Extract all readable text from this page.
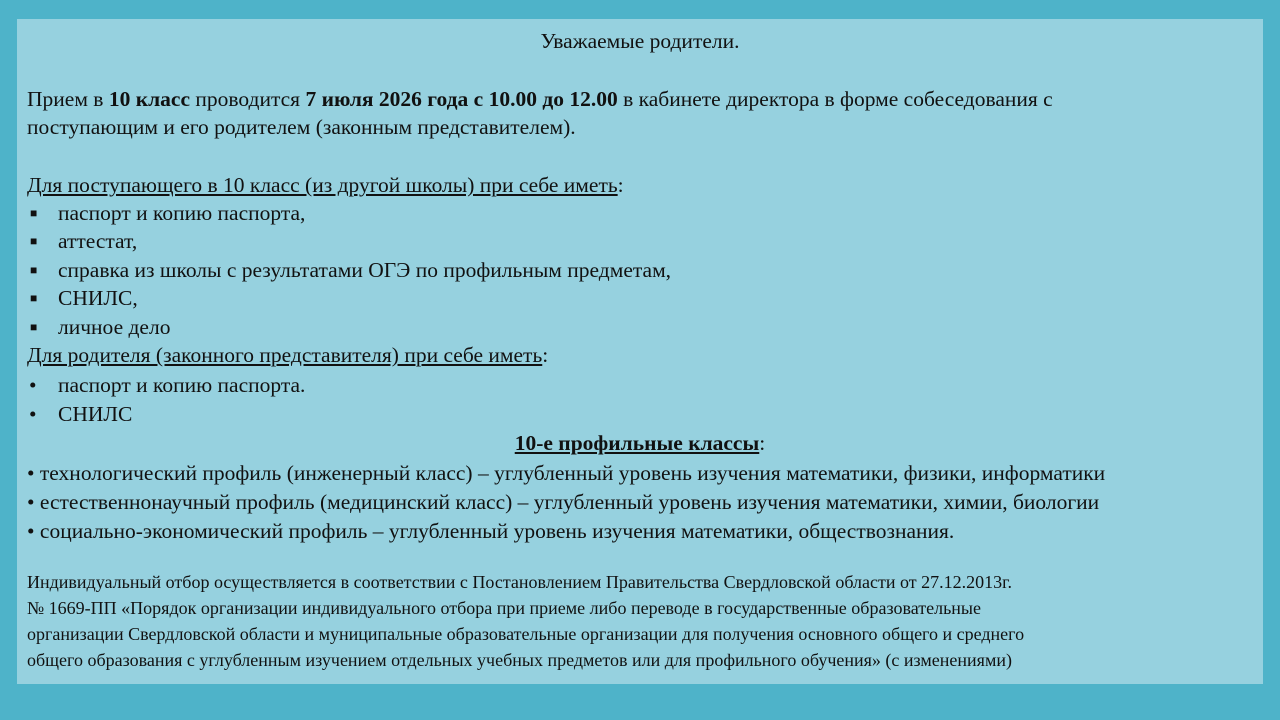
Уважаемые родители.
Прием в 10 класс проводится 7 июля 2026 года с 10.00 до 12.00 в кабинете директора в форме собеседования с
поступающим и его родителем (законным представителем).
Для поступающего в 10 класс (из другой школы) при себе иметь:
■ паспорт и копию паспорта,
■ аттестат,
■ справка из школы с результатами ОГЭ по профильным предметам,
■ СНИЛС,
■ личное дело
Для родителя (законного представителя) при себе иметь:
• паспорт и копию паспорта.
• СНИЛС
10-е профильные классы:
• технологический профиль (инженерный класс) – углубленный уровень изучения математики, физики, информатики
• естественнонаучный профиль (медицинский класс) – углубленный уровень изучения математики, химии, биологии
• социально-экономический профиль – углубленный уровень изучения математики, обществознания.
Индивидуальный отбор осуществляется в соответствии с Постановлением Правительства Свердловской области от 27.12.2013г.
№ 1669-ПП «Порядок организации индивидуального отбора при приеме либо переводе в государственные образовательные
организации Свердловской области и муниципальные образовательные организации для получения основного общего и среднего
общего образования с углубленным изучением отдельных учебных предметов или для профильного обучения» (с изменениями)
